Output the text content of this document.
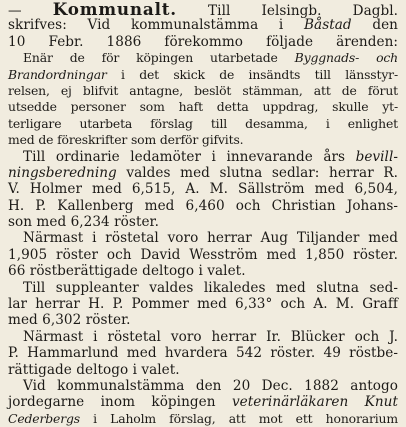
— Kommunalt. Till Ielsingb. Dagbl.
skrifves: Vid kommunalstämma i Båstad den
10 Febr. 1886 förekommo följade ärenden:
Enär de för köpingen utarbetade Byggnads- och
Brandordningar i det skick de insändts till länsstyr-
relsen, ej blifvit antagne, beslöt stämman, att de förut
utsedde personer som haft detta uppdrag, skulle yt-
terligare utarbeta förslag till desamma, i enlighet
med de föreskrifter som derför gifvits.
Till ordinarie ledamöter i innevarande års bevill-
ningsberedning valdes med slutna sedlar: herrar R.
V. Holmer med 6,515, A. M. Sällström med 6,504,
H. P. Kallenberg med 6,460 och Christian Johans-
son med 6,234 röster.
Närmast i röstetal voro herrar Aug Tiljander med
1,905 röster och David Wesström med 1,850 röster.
66 röstberättigade deltogo i valet.
Till suppleanter valdes likaledes med slutna sed-
lar herrar H. P. Pommer med 6,33° och A. M. Graff
med 6,302 röster.
Närmast i röstetal voro herrar Ir. Blücker och J.
P. Hammarlund med hvardera 542 röster. 49 röstbe-
rättigade deltogo i valet.
Vid kommunalstämma den 20 Dec. 1882 antogo
jordegarne inom köpingen veterinärläkaren Knut
Cederbergs i Laholm förslag, att mot ett honorarium
